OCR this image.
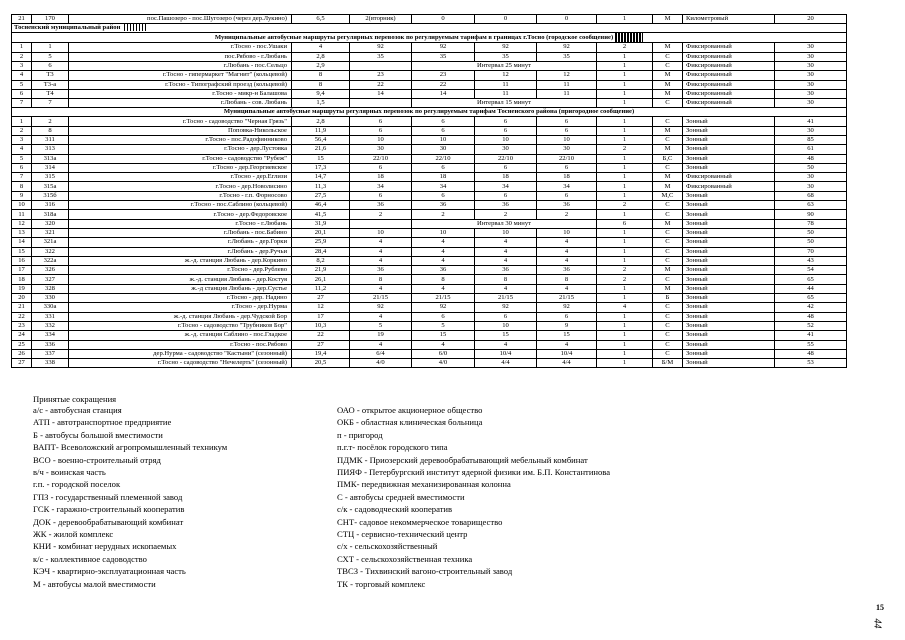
21	170	пос.Пашозеро - пос.Шугозеро (через дер.Лукино)	6,5	2(вторник)	0	0	0	1	М	Километровый	20
Тосненский муниципальный район											
Муниципальные автобусные маршруты регулярных перевозок по регулируемым тарифам в границах г.Тосно (городское сообщение)											
1	1	г.Тосно - пос.Ушаки	4	92	92	92	92	2	М	Фиксированный	30
2	5	пос.Рябово - г.Любань	2,8	35	35	35	35	1	С	Фиксированный	30
3	6	г.Любань - пос.Сельцо	2,9		Интервал 25 минут			1	С	Фиксированный	30
4	Т3	г.Тосно - гипермаркет "Магнит" (кольцевой)	8	23	23	12	12	1	М	Фиксированный	30
5	Т3-а	г.Тосно - Типографский проезд (кольцевой)	8	22	22	11	11	1	М	Фиксированный	30
6	Т4	г.Тосно - микр-н Балашова	9,4	14	14	11	11	1	М	Фиксированный	30
7	7	г.Любань - сов. Любань	1,5		Интервал 15 минут			1	С	Фиксированный	30
Муниципальные автобусные маршруты регулярных перевозок по регулируемым тарифам Тосненского района (пригородное сообщение)											
1	2	г.Тосно - садоводство "Черная Грязь"	2,8	6	6	6	6	1	С	Зонный	41
2	8	Поповка-Никольское	11,9	6	6	6	6	1	М	Зонный	30
3	311	г.Тосно - пос.Радофинниково	56,4	10	10	10	10	1	С	Зонный	85
4	313	г.Тосно - дер.Лустовка	21,6	30	30	30	30	2	М	Зонный	61
5	313а	г.Тосно - садоводство "Рубеж"	15	22/10	22/10	22/10	22/10	1	Б,С	Зонный	48
6	314	г.Тосно - дер.Георгиевское	17,3	6	6	6	6	1	С	Зонный	50
7	315	г.Тосно - дер.Еглизи	14,7	18	18	18	18	1	М	Фиксированный	30
8	315а	г.Тосно - дер.Новолисино	11,3	34	34	34	34	1	М	Фиксированный	30
9	315б	г.Тосно - г.п. Форносово	27,5	6	6	6	6	1	М,С	Зонный	68
10	316	г.Тосно - пос.Саблино (кольцевой)	46,4	36	36	36	36	2	С	Зонный	63
11	318а	г.Тосно - дер.Федоровское	41,5	2	2	2	2	1	С	Зонный	90
12	320	г.Тосно - г.Любань	31,9		Интервал 30 минут			6	М	Зонный	78
13	321	г.Любань - пос.Бабино	20,1	10	10	10	10	1	С	Зонный	50
14	321а	г.Любань - дер.Горки	25,9	4	4	4	4	1	С	Зонный	50
15	322	г.Любань - дер.Ручьи	28,4	4	4	4	4	1	С	Зонный	70
16	322а	ж.-д. станция Любань - дер.Коркино	8,2	4	4	4	4	1	С	Зонный	43
17	326	г.Тосно - дер.Рублево	21,9	36	36	36	36	2	М	Зонный	54
18	327	ж.-д. станция Любань - дер.Костуя	26,1	8	8	8	8	2	С	Зонный	65
19	328	ж.-д станция Любань - дер.Сустье	11,2	4	4	4	4	1	М	Зонный	44
20	330	г.Тосно - дер. Надино	27	21/15	21/15	21/15	21/15	1	Б	Зонный	65
21	330а	г.Тосно - дер.Нурма	12	92	92	92	92	4	С	Зонный	42
22	331	ж.-д. станция Любань - дер.Чудской Бор	17	4	6	6	6	1	С	Зонный	48
23	332	г.Тосно - садоводство "Трубников Бор"	10,3	5	5	10	9	1	С	Зонный	52
24	334	ж.-д. станция Саблино - пос.Гладкое	22	19	15	15	15	1	С	Зонный	41
25	336	г.Тосно - пос.Рябово	27	4	4	4	4	1	С	Зонный	55
26	337	дер.Нурма - садоводство "Кастыни" (сезонный)	19,4	6/4	6/0	10/4	10/4	1	С	Зонный	48
27	338	г.Тосно - садоводство "Нечелерть" (сезонный)	20,5	4/0	4/0	4/4	4/4	1	Б/М	Зонный	53
Принятые сокращения
а/с - автобусная станция
АТП - автотранспортное предприятие
Б - автобусы большой вместимости
ВАПТ- Всеволожский агропромышленный техникум
ВСО - военно-строительный отряд
в/ч - воинская часть
г.п. - городской поселок
ГПЗ - государственный племенной завод
ГСК - гаражно-строительный кооператив
ДОК - деревообрабатывающий комбинат
ЖК - жилой комплекс
КНИ - комбинат нерудных ископаемых
к/с - коллективное садоводство
КЭЧ - квартирно-эксплуатационная часть
М - автобусы малой вместимости
ОАО - открытое акционерное общество
ОКБ - областная клиническая больница
п - пригород
п.г.т- посёлок городского типа
ПДМК - Приозерский деревообрабатывающий мебельный комбинат
ПИЯФ - Петербургский институт ядерной физики им. Б.П. Константинова
ПМК- передвижная механизированная колонна
С - автобусы средней вместимости
с/к - садоводческий кооператив
СНТ- садовое некоммерческое товарищество
СТЦ - сервисно-технический центр
с/х - сельскохозяйственный
СХТ - сельскохозяйственная техника
ТВСЗ - Тихвинский вагоно-строительный завод
ТК - торговый комплекс
15
44
